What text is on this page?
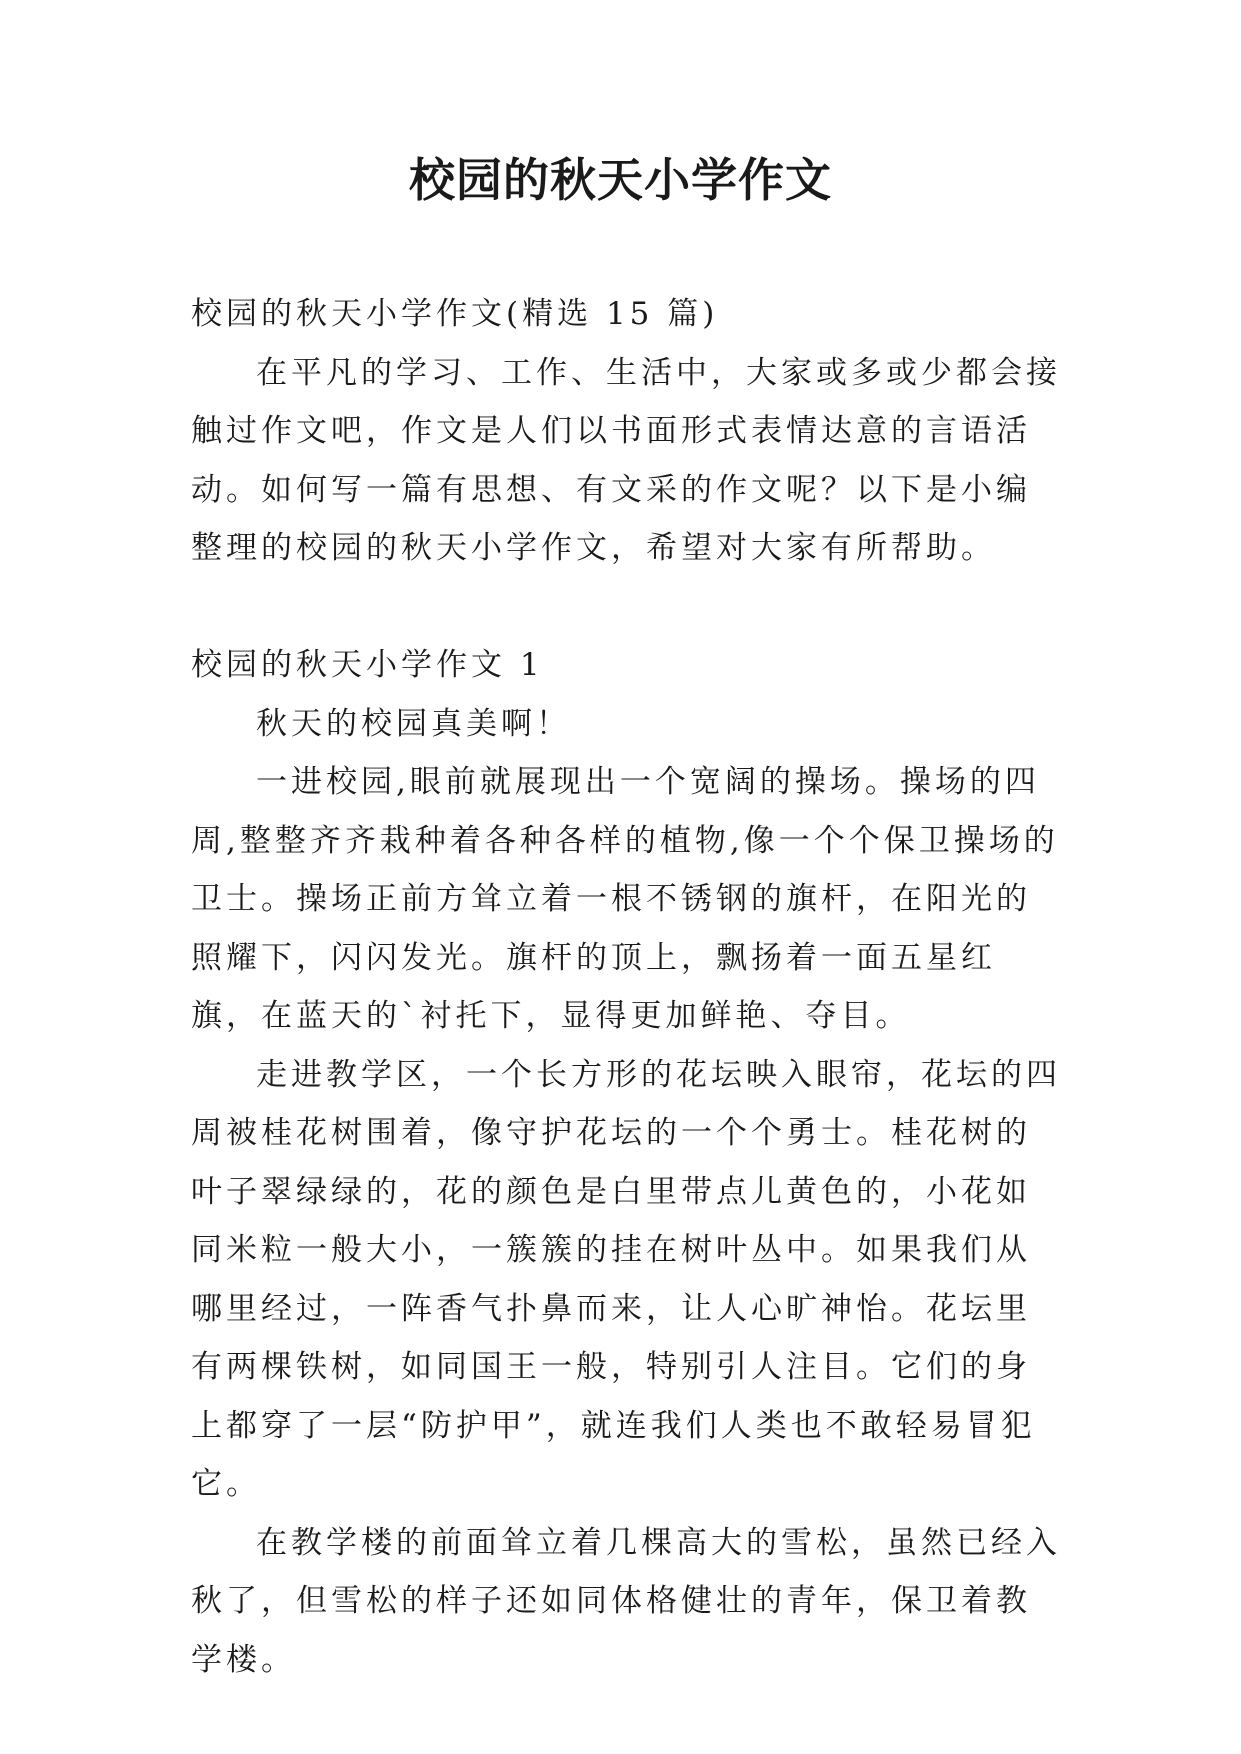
校园的秋天小学作文

校园的秋天小学作文(精选 15 篇)

在平凡的学习、工作、生活中，大家或多或少都会接触过作文吧，作文是人们以书面形式表情达意的言语活动。如何写一篇有思想、有文采的作文呢？以下是小编整理的校园的秋天小学作文，希望对大家有所帮助。

校园的秋天小学作文 1

秋天的校园真美啊！

一进校园,眼前就展现出一个宽阔的操场。操场的四周,整整齐齐栽种着各种各样的植物,像一个个保卫操场的卫士。操场正前方耸立着一根不锈钢的旗杆，在阳光的照耀下，闪闪发光。旗杆的顶上，飘扬着一面五星红旗，在蓝天的`衬托下，显得更加鲜艳、夺目。

走进教学区，一个长方形的花坛映入眼帘，花坛的四周被桂花树围着，像守护花坛的一个个勇士。桂花树的叶子翠绿绿的，花的颜色是白里带点儿黄色的，小花如同米粒一般大小，一簇簇的挂在树叶丛中。如果我们从哪里经过，一阵香气扑鼻而来，让人心旷神怡。花坛里有两棵铁树，如同国王一般，特别引人注目。它们的身上都穿了一层“防护甲”，就连我们人类也不敢轻易冒犯它。

在教学楼的前面耸立着几棵高大的雪松，虽然已经入秋了，但雪松的样子还如同体格健壮的青年，保卫着教学楼。
